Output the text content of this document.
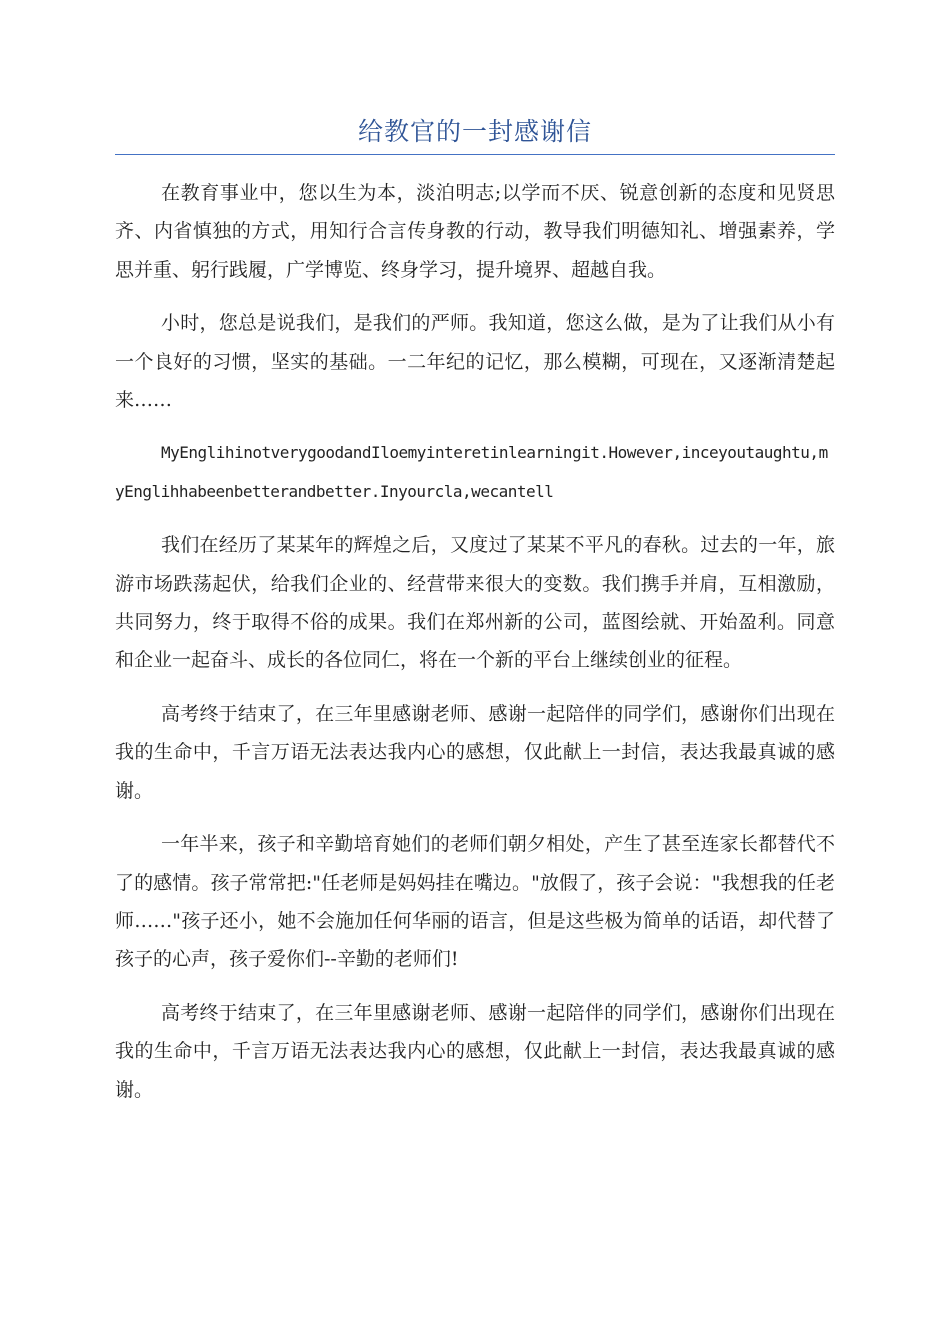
给教官的一封感谢信

在教育事业中，您以生为本，淡泊明志;以学而不厌、锐意创新的态度和见贤思齐、内省慎独的方式，用知行合言传身教的行动，教导我们明德知礼、增强素养，学思并重、躬行践履，广学博览、终身学习，提升境界、超越自我。

小时，您总是说我们，是我们的严师。我知道，您这么做，是为了让我们从小有一个良好的习惯，坚实的基础。一二年纪的记忆，那么模糊，可现在，又逐渐清楚起来……

MyEnglihinotverygoodandIloemyinteretinlearningit.However,inceyoutaughtu,myEnglihhabeenbetterandbetter.Inyourcla,wecantell

我们在经历了某某年的辉煌之后，又度过了某某不平凡的春秋。过去的一年，旅游市场跌荡起伏，给我们企业的、经营带来很大的变数。我们携手并肩，互相激励，共同努力，终于取得不俗的成果。我们在郑州新的公司，蓝图绘就、开始盈利。同意和企业一起奋斗、成长的各位同仁，将在一个新的平台上继续创业的征程。

高考终于结束了，在三年里感谢老师、感谢一起陪伴的同学们，感谢你们出现在我的生命中，千言万语无法表达我内心的感想，仅此献上一封信，表达我最真诚的感谢。

一年半来，孩子和辛勤培育她们的老师们朝夕相处，产生了甚至连家长都替代不了的感情。孩子常常把:"任老师是妈妈挂在嘴边。"放假了，孩子会说："我想我的任老师……"孩子还小，她不会施加任何华丽的语言，但是这些极为简单的话语，却代替了孩子的心声，孩子爱你们--辛勤的老师们!

高考终于结束了，在三年里感谢老师、感谢一起陪伴的同学们，感谢你们出现在我的生命中，千言万语无法表达我内心的感想，仅此献上一封信，表达我最真诚的感谢。
